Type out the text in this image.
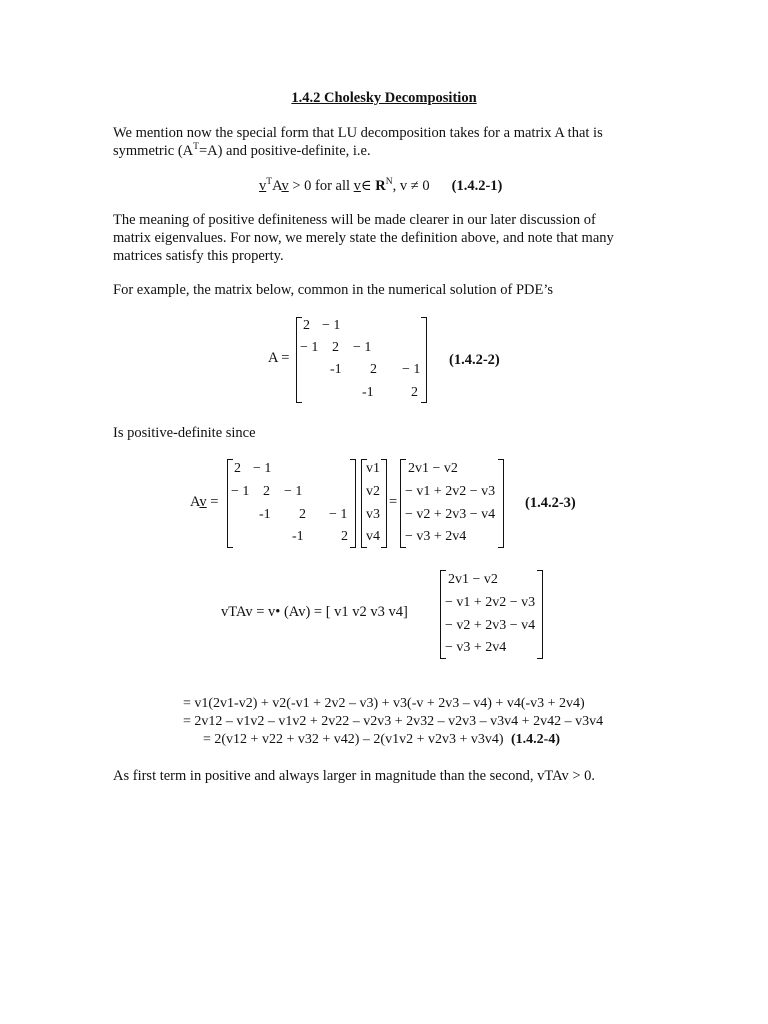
1.4.2 Cholesky Decomposition
We mention now the special form that LU decomposition takes for a matrix A that is
symmetric $(A^T=A)$ and positive-definite, i.e.
$v^TAv > 0$ for all v∈ $R^N$, v ≠ 0 (1.4.2-1)
The meaning of positive definiteness will be made clearer in our later discussion of
matrix eigenvalues. For now, we merely state the definition above, and note that many
matrices satisfy this property.
For example, the matrix below, common in the numerical solution of PDE’s
A =
2 − 1
− 1 2 − 1
-1 2 − 1
-1	2
(1.4.2-2)
Is positive-definite since
Av =
2 − 1
− 1 2 − 1
-1 2 − 1
-1	2
v1
v2
v3
v4
=
2v1 − v2
− v1 + 2v2 − v3
− v2 + 2v3 − v4
− v3 + 2v4
(1.4.2-3)
vTAv = v• (Av) = [ v1 v2 v3 v4]
2v1 − v2
− v1 + 2v2 − v3
− v2 + 2v3 − v4
− v3 + 2v4
= v1(2v1-v2) + v2(-v1 + 2v2 – v3) + v3(-v + 2v3 – v4) + v4(-v3 + 2v4)
= 2v12 – v1v2 – v1v2 + 2v22 – v2v3 + 2v32 – v2v3 – v3v4 + 2v42 – v3v4
= 2(v12 + v22 + v32 + v42) – 2(v1v2 + v2v3 + v3v4) (1.4.2-4)
As first term in positive and always larger in magnitude than the second, vTAv > 0.
